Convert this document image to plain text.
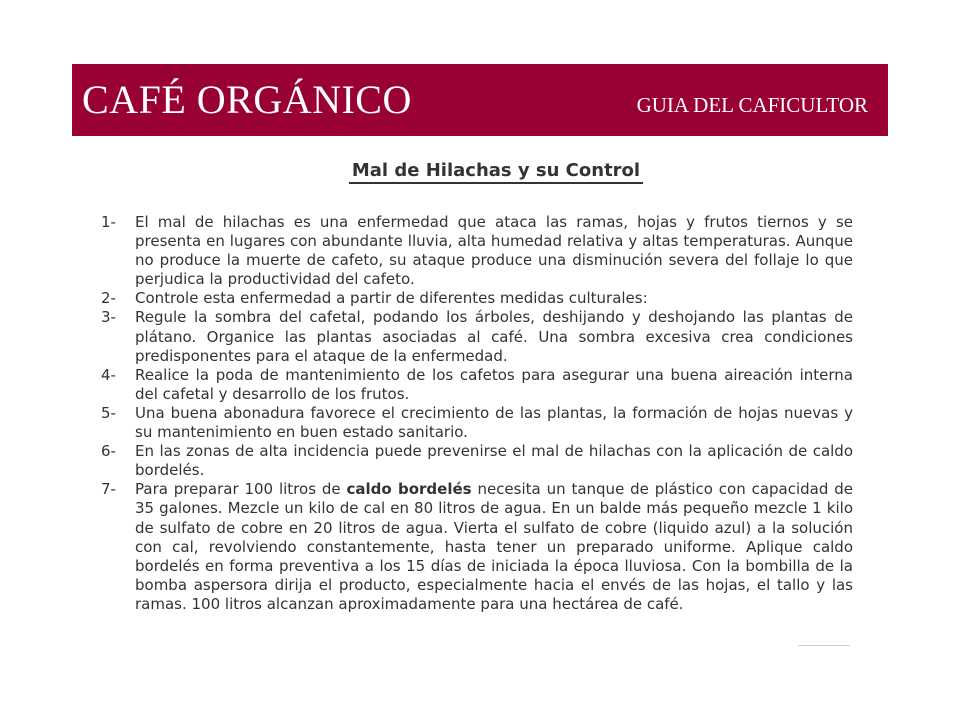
CAFÉ ORGÁNICO	GUIA DEL CAFICULTOR
Mal de Hilachas y su Control
1-	El mal de hilachas es una enfermedad que ataca las ramas, hojas y frutos tiernos y se presenta en lugares con abundante lluvia, alta humedad relativa y altas temperaturas. Aunque no produce la muerte de cafeto, su ataque produce una disminución severa del follaje lo que perjudica la productividad del cafeto.
2-	Controle esta enfermedad a partir de diferentes medidas culturales:
3-	Regule la sombra del cafetal, podando los árboles, deshijando y deshojando las plantas de plátano. Organice las plantas asociadas al café. Una sombra excesiva crea condiciones predisponentes para el ataque de la enfermedad.
4-	Realice la poda de mantenimiento de los cafetos para asegurar una buena aireación interna del cafetal y desarrollo de los frutos.
5-	Una buena abonadura favorece el crecimiento de las plantas, la formación de hojas nuevas y su mantenimiento en buen estado sanitario.
6-	En las zonas de alta incidencia puede prevenirse el mal de hilachas con la aplicación de caldo bordelés.
7-	Para preparar 100 litros de caldo bordelés necesita un tanque de plástico con capacidad de 35 galones. Mezcle un kilo de cal en 80 litros de agua. En un balde más pequeño mezcle 1 kilo de sulfato de cobre en 20 litros de agua. Vierta el sulfato de cobre (liquido azul) a la solución con cal, revolviendo constantemente, hasta tener un preparado uniforme. Aplique caldo bordelés en forma preventiva a los 15 días de iniciada la época lluviosa. Con la bombilla de la bomba aspersora dirija el producto, especialmente hacia el envés de las hojas, el tallo y las ramas. 100 litros alcanzan aproximadamente para una hectárea de café.
